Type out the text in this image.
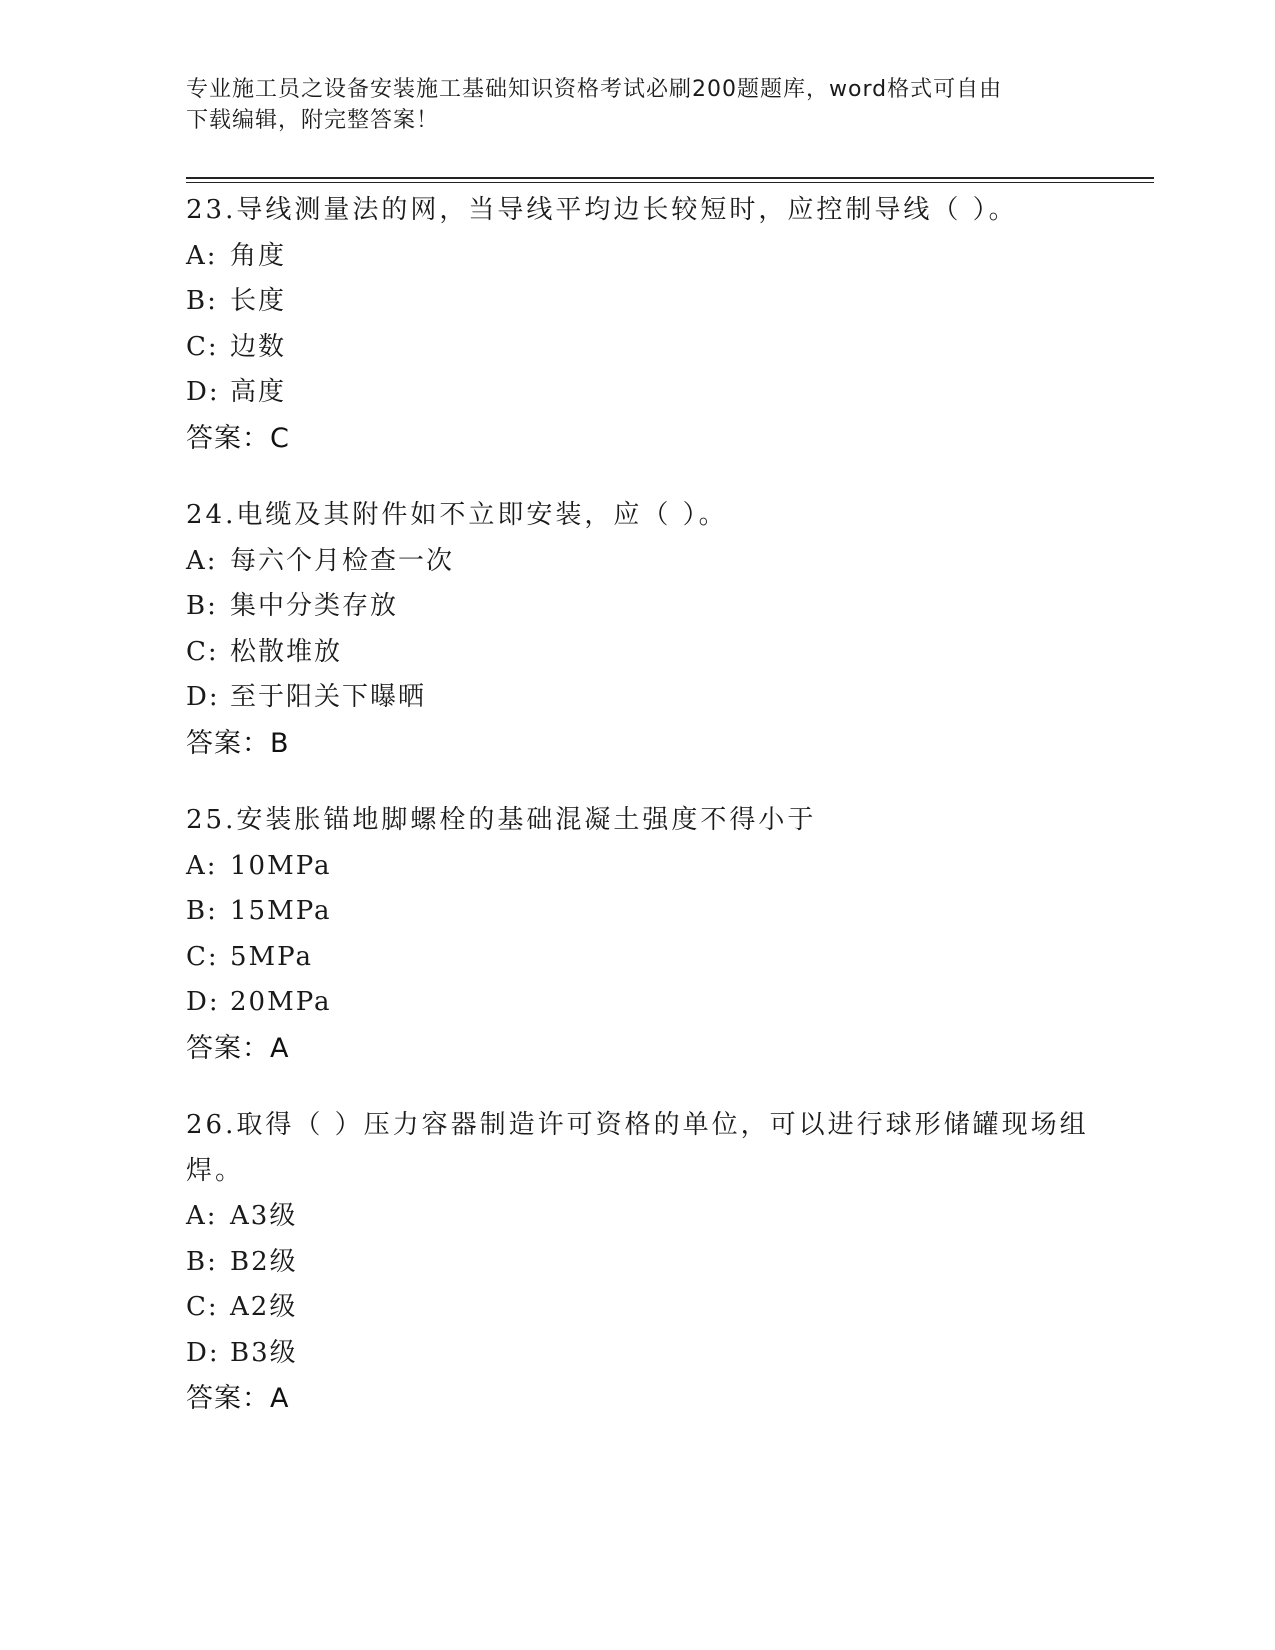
专业施工员之设备安装施工基础知识资格考试必刷200题题库，word格式可自由
下载编辑，附完整答案！
23.导线测量法的网，当导线平均边长较短时，应控制导线（ ）。
A: 角度
B: 长度
C: 边数
D: 高度
答案：C
24.电缆及其附件如不立即安装，应（ ）。
A: 每六个月检查一次
B: 集中分类存放
C: 松散堆放
D: 至于阳关下曝晒
答案：B
25.安装胀锚地脚螺栓的基础混凝土强度不得小于
A: 10MPa
B: 15MPa
C: 5MPa
D: 20MPa
答案：A
26.取得（ ）压力容器制造许可资格的单位，可以进行球形储罐现场组焊。
A: A3级
B: B2级
C: A2级
D: B3级
答案：A
